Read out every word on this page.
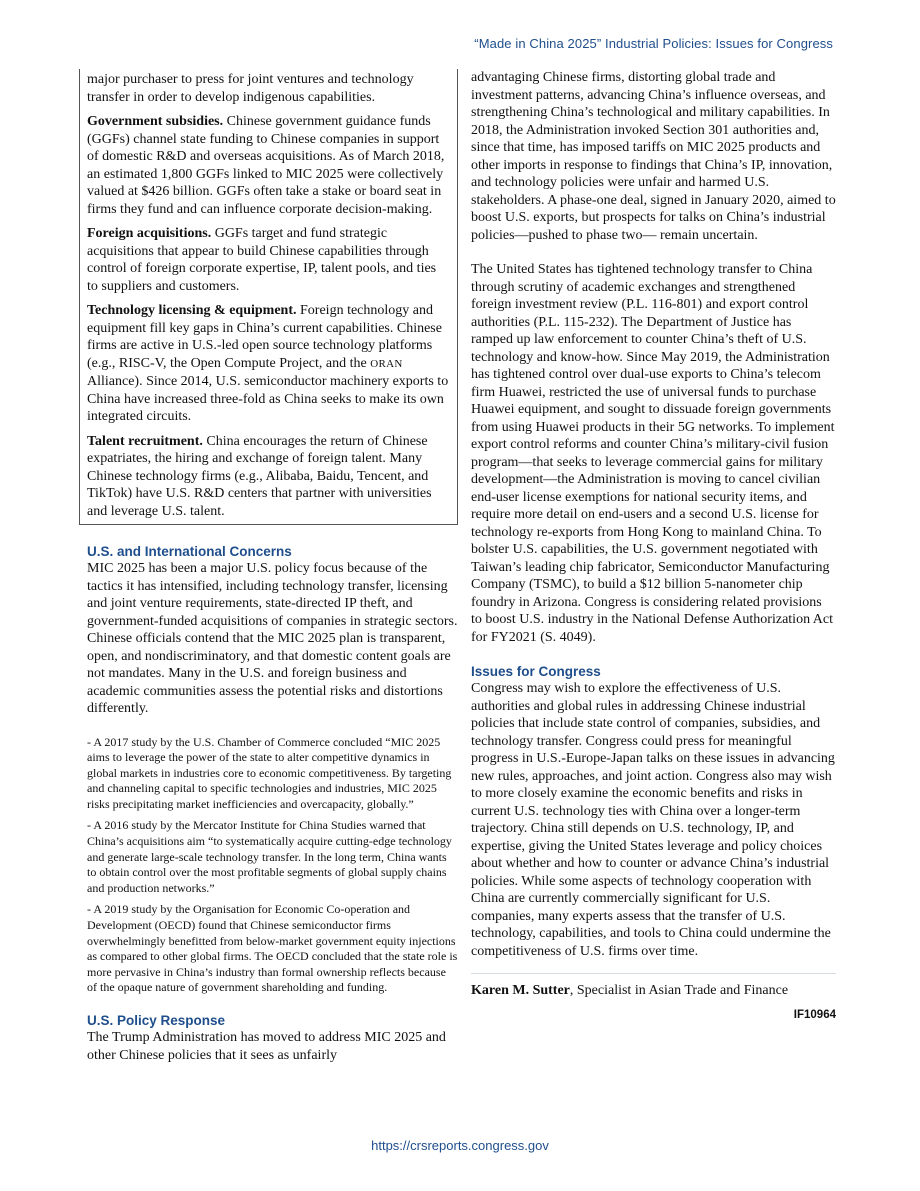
“Made in China 2025” Industrial Policies: Issues for Congress

major purchaser to press for joint ventures and technology transfer in order to develop indigenous capabilities.

Government subsidies. Chinese government guidance funds (GGFs) channel state funding to Chinese companies in support of domestic R&D and overseas acquisitions. As of March 2018, an estimated 1,800 GGFs linked to MIC 2025 were collectively valued at $426 billion. GGFs often take a stake or board seat in firms they fund and can influence corporate decision-making.

Foreign acquisitions. GGFs target and fund strategic acquisitions that appear to build Chinese capabilities through control of foreign corporate expertise, IP, talent pools, and ties to suppliers and customers.

Technology licensing & equipment. Foreign technology and equipment fill key gaps in China’s current capabilities. Chinese firms are active in U.S.-led open source technology platforms (e.g., RISC-V, the Open Compute Project, and the ORAN Alliance). Since 2014, U.S. semiconductor machinery exports to China have increased three-fold as China seeks to make its own integrated circuits.

Talent recruitment. China encourages the return of Chinese expatriates, the hiring and exchange of foreign talent. Many Chinese technology firms (e.g., Alibaba, Baidu, Tencent, and TikTok) have U.S. R&D centers that partner with universities and leverage U.S. talent.

U.S. and International Concerns

MIC 2025 has been a major U.S. policy focus because of the tactics it has intensified, including technology transfer, licensing and joint venture requirements, state-directed IP theft, and government-funded acquisitions of companies in strategic sectors. Chinese officials contend that the MIC 2025 plan is transparent, open, and nondiscriminatory, and that domestic content goals are not mandates. Many in the U.S. and foreign business and academic communities assess the potential risks and distortions differently.

- A 2017 study by the U.S. Chamber of Commerce concluded “MIC 2025 aims to leverage the power of the state to alter competitive dynamics in global markets in industries core to economic competitiveness. By targeting and channeling capital to specific technologies and industries, MIC 2025 risks precipitating market inefficiencies and overcapacity, globally.”

- A 2016 study by the Mercator Institute for China Studies warned that China’s acquisitions aim “to systematically acquire cutting-edge technology and generate large-scale technology transfer. In the long term, China wants to obtain control over the most profitable segments of global supply chains and production networks.”

- A 2019 study by the Organisation for Economic Co-operation and Development (OECD) found that Chinese semiconductor firms overwhelmingly benefitted from below-market government equity injections as compared to other global firms. The OECD concluded that the state role is more pervasive in China’s industry than formal ownership reflects because of the opaque nature of government shareholding and funding.

U.S. Policy Response

The Trump Administration has moved to address MIC 2025 and other Chinese policies that it sees as unfairly

advantaging Chinese firms, distorting global trade and investment patterns, advancing China’s influence overseas, and strengthening China’s technological and military capabilities. In 2018, the Administration invoked Section 301 authorities and, since that time, has imposed tariffs on MIC 2025 products and other imports in response to findings that China’s IP, innovation, and technology policies were unfair and harmed U.S. stakeholders. A phase-one deal, signed in January 2020, aimed to boost U.S. exports, but prospects for talks on China’s industrial policies—pushed to phase two— remain uncertain.

The United States has tightened technology transfer to China through scrutiny of academic exchanges and strengthened foreign investment review (P.L. 116-801) and export control authorities (P.L. 115-232). The Department of Justice has ramped up law enforcement to counter China’s theft of U.S. technology and know-how. Since May 2019, the Administration has tightened control over dual-use exports to China’s telecom firm Huawei, restricted the use of universal funds to purchase Huawei equipment, and sought to dissuade foreign governments from using Huawei products in their 5G networks. To implement export control reforms and counter China’s military-civil fusion program—that seeks to leverage commercial gains for military development—the Administration is moving to cancel civilian end-user license exemptions for national security items, and require more detail on end-users and a second U.S. license for technology re-exports from Hong Kong to mainland China. To bolster U.S. capabilities, the U.S. government negotiated with Taiwan’s leading chip fabricator, Semiconductor Manufacturing Company (TSMC), to build a $12 billion 5-nanometer chip foundry in Arizona. Congress is considering related provisions to boost U.S. industry in the National Defense Authorization Act for FY2021 (S. 4049).

Issues for Congress

Congress may wish to explore the effectiveness of U.S. authorities and global rules in addressing Chinese industrial policies that include state control of companies, subsidies, and technology transfer. Congress could press for meaningful progress in U.S.-Europe-Japan talks on these issues in advancing new rules, approaches, and joint action. Congress also may wish to more closely examine the economic benefits and risks in current U.S. technology ties with China over a longer-term trajectory. China still depends on U.S. technology, IP, and expertise, giving the United States leverage and policy choices about whether and how to counter or advance China’s industrial policies. While some aspects of technology cooperation with China are currently commercially significant for U.S. companies, many experts assess that the transfer of U.S. technology, capabilities, and tools to China could undermine the competitiveness of U.S. firms over time.

Karen M. Sutter, Specialist in Asian Trade and Finance

IF10964
https://crsreports.congress.gov
